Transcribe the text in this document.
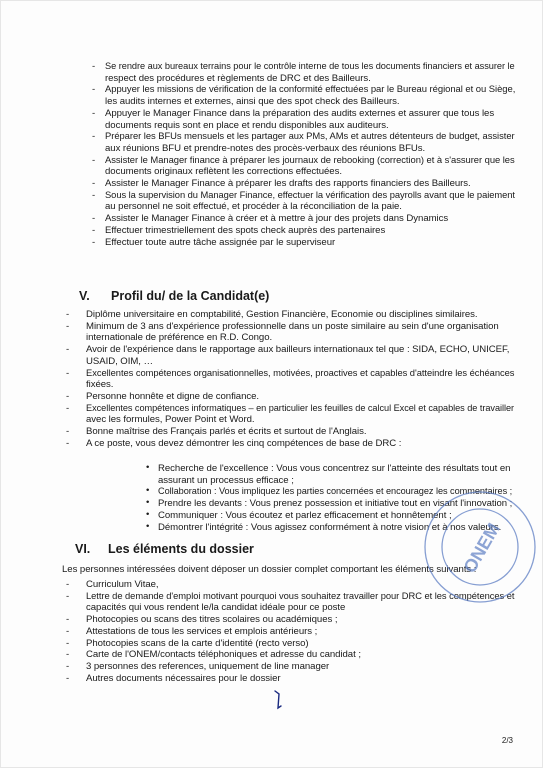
- Se rendre aux bureaux terrains pour le contrôle interne de tous les documents financiers et assurer le
respect des procédures et règlements de DRC et des Bailleurs.
- Appuyer les missions de vérification de la conformité effectuées par le Bureau régional et ou Siège,
les audits internes et externes, ainsi que des spot check des Bailleurs.
- Appuyer le Manager Finance dans la préparation des audits externes et assurer que tous les
documents requis sont en place et rendu disponibles aux auditeurs.
- Préparer les BFUs mensuels et les partager aux PMs, AMs et autres détenteurs de budget, assister
aux réunions BFU et prendre-notes des procès-verbaux des réunions BFUs.
- Assister le Manager finance à préparer les journaux de rebooking (correction) et à s'assurer que les
documents originaux reflètent les corrections effectuées.
- Assister le Manager Finance à préparer les drafts des rapports financiers des Bailleurs.
- Sous la supervision du Manager Finance, effectuer la vérification des payrolls avant que le paiement
au personnel ne soit effectué, et procéder à la réconciliation de la paie.
- Assister le Manager Finance à créer et à mettre à jour des projets dans Dynamics
- Effectuer trimestriellement des spots check auprès des partenaires
- Effectuer toute autre tâche assignée par le superviseur
V. Profil du/ de la Candidat(e)
- Diplôme universitaire en comptabilité, Gestion Financière, Economie ou disciplines similaires.
- Minimum de 3 ans d'expérience professionnelle dans un poste similaire au sein d'une organisation
internationale de préférence en R.D. Congo.
- Avoir de l'expérience dans le rapportage aux bailleurs internationaux tel que : SIDA, ECHO, UNICEF,
USAID, OIM, …
- Excellentes compétences organisationnelles, motivées, proactives et capables d'atteindre les échéances
fixées.
- Personne honnête et digne de confiance.
- Excellentes compétences informatiques – en particulier les feuilles de calcul Excel et capables de travailler
avec les formules, Power Point et Word.
- Bonne maîtrise des Français parlés et écrits et surtout de l'Anglais.
- A ce poste, vous devez démontrer les cinq compétences de base de DRC :
• Recherche de l'excellence : Vous vous concentrez sur l'atteinte des résultats tout en
assurant un processus efficace ;
• Collaboration : Vous impliquez les parties concernées et encouragez les commentaires ;
• Prendre les devants : Vous prenez possession et initiative tout en visant l'innovation ;
• Communiquer : Vous écoutez et parlez efficacement et honnêtement ;
• Démontrer l'intégrité : Vous agissez conformément à notre vision et à nos valeurs.
VI. Les éléments du dossier
Les personnes intéressées doivent déposer un dossier complet comportant les éléments suivants :
- Curriculum Vitae,
- Lettre de demande d'emploi motivant pourquoi vous souhaitez travailler pour DRC et les compétences et
capacités qui vous rendent le/la candidat idéale pour ce poste
- Photocopies ou scans des titres scolaires ou académiques ;
- Attestations de tous les services et emplois antérieurs ;
- Photocopies scans de la carte d'identité (recto verso)
- Carte de l'ONEM/contacts téléphoniques et adresse du candidat ;
- 3 personnes des references, uniquement de line manager
- Autres documents nécessaires pour le dossier
ONEM
2/3
